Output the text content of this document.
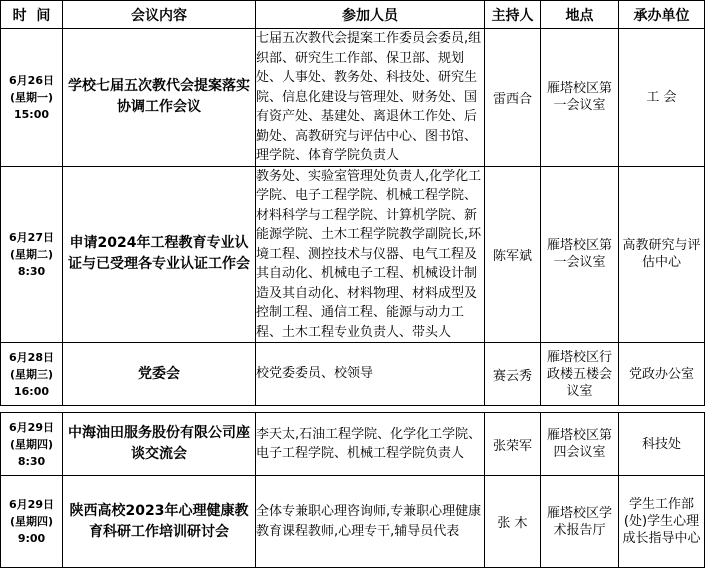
时  间	会议内容	参加人员	主持人	地点	承办单位

6月26日
(星期一)
15:00	学校七届五次教代会提案落实协调工作会议	七届五次教代会提案工作委员会委员,组织部、研究生工作部、保卫部、规划处、人事处、教务处、科技处、研究生院、信息化建设与管理处、财务处、国有资产处、基建处、离退休工作处、后勤处、高教研究与评估中心、图书馆、理学院、体育学院负责人	雷西合	雁塔校区第一会议室	工 会

6月27日
(星期二)
8:30	申请2024年工程教育专业认证与已受理各专业认证工作会	教务处、实验室管理处负责人,化学化工学院、电子工程学院、机械工程学院、材料科学与工程学院、计算机学院、新能源学院、土木工程学院教学副院长,环境工程、测控技术与仪器、电气工程及其自动化、机械电子工程、机械设计制造及其自动化、材料物理、材料成型及控制工程、通信工程、能源与动力工程、土木工程专业负责人、带头人	陈军斌	雁塔校区第一会议室	高教研究与评估中心

6月28日
(星期三)
16:00	党委会	校党委委员、校领导	赛云秀	雁塔校区行政楼五楼会议室	党政办公室

6月29日
(星期四)
8:30	中海油田服务股份有限公司座谈交流会	李天太,石油工程学院、化学化工学院、电子工程学院、机械工程学院负责人	张荣军	雁塔校区第四会议室	科技处

6月29日
(星期四)
9:00	陕西高校2023年心理健康教育科研工作培训研讨会	全体专兼职心理咨询师,专兼职心理健康教育课程教师,心理专干,辅导员代表	张 木	雁塔校区学术报告厅	学生工作部(处)学生心理成长指导中心
